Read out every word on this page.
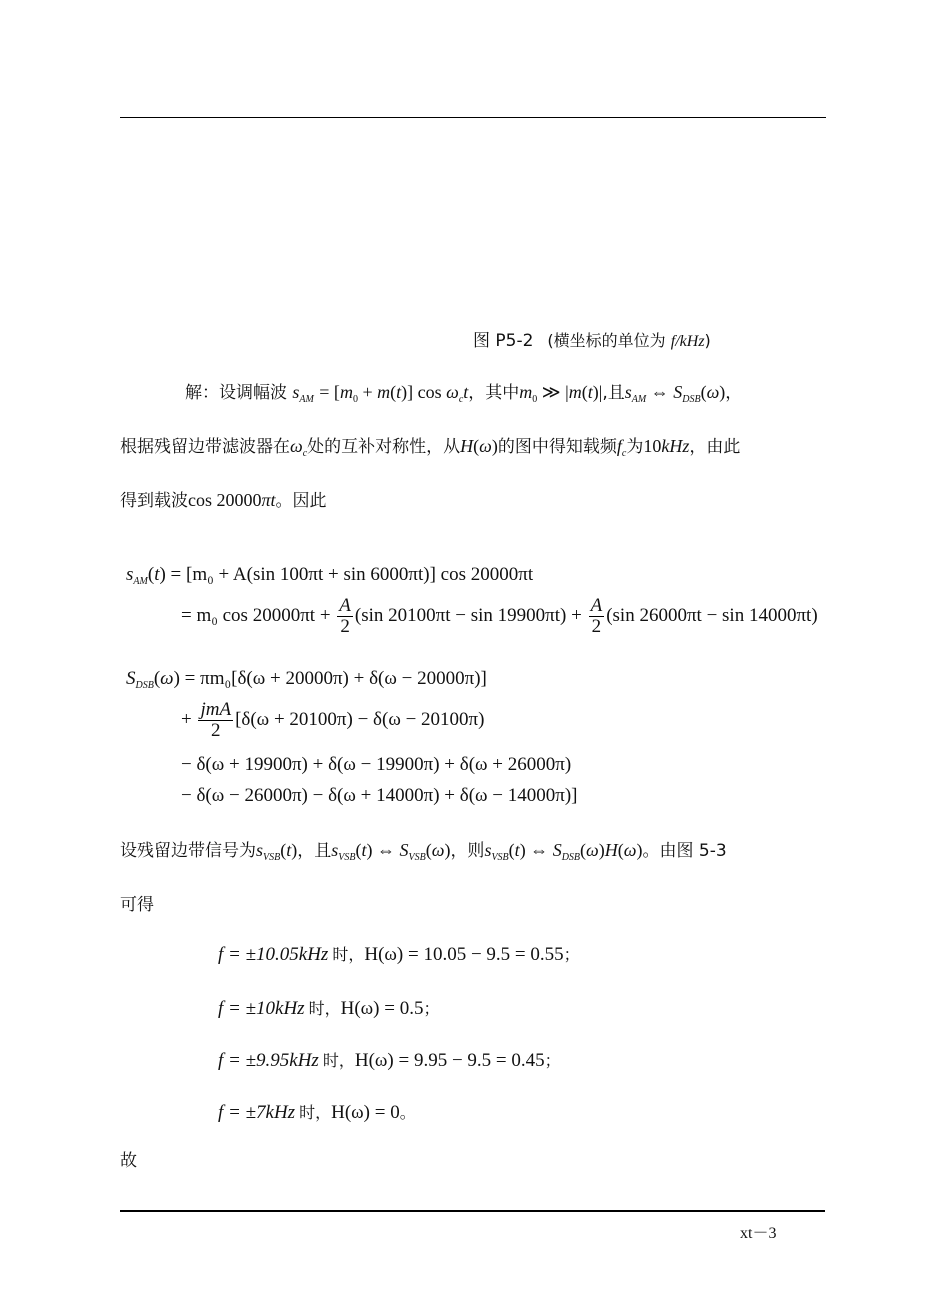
图 P5-2 (横坐标的单位为 f/kHz)
解：设调幅波 $s_{AM} = [m_0 + m(t)]$ $\cos \omega_ct$，其中$m_0$ ≫ |m(t)|,且$s_{AM}$ ⇔ $S_{DSB}(\omega)$，
根据残留边带滤波器在$\omega_c$处的互补对称性，从H(ω)的图中得知载频$f_c$为10kHz，由此
得到载波cos 20000πt。因此
$s_{AM}(t) = [m_0 + A(\sin$ 100πt + sin 6000πt)] cos 20000πt
= m₀ $\cos 20000\pi t + \frac{A}{2} (\sin$ $20100\pi t - \sin 19900\pi t) + \frac{A}{2} (\sin$ 26000πt − sin 14000πt)
$S_{DSB}(\omega) = \pi m_0[\delta(\omega + 20000\pi) + \delta(\omega - 20000\pi)]$
+ $\frac{\text{jmA}}{2} [\delta(\omega + 20100\pi) - \delta(\omega - 20100\pi)$
− δ(ω + 19900π) + δ(ω − 19900π) + δ(ω + 26000π)
− δ(ω − 26000π) − δ(ω + 14000π) + δ(ω − 14000π)]
设残留边带信号为$s_{VSB}(t)$，且$s_{VSB}(t)$ ⇔ $S_{VSB}(\omega)$，则$s_{VSB}(t)$ ⇔ $S_{DSB}(\omega)H(\omega)$。由图 5-3
可得
f = ±10.05kHz 时，H(ω) = 10.05 − 9.5 = 0.55；
f = ±10kHz 时，H(ω) = 0.5；
f = ±9.95kHz 时，H(ω) = 9.95 − 9.5 = 0.45；
f = ±7kHz 时，H(ω) = 0。
故
xt－3
